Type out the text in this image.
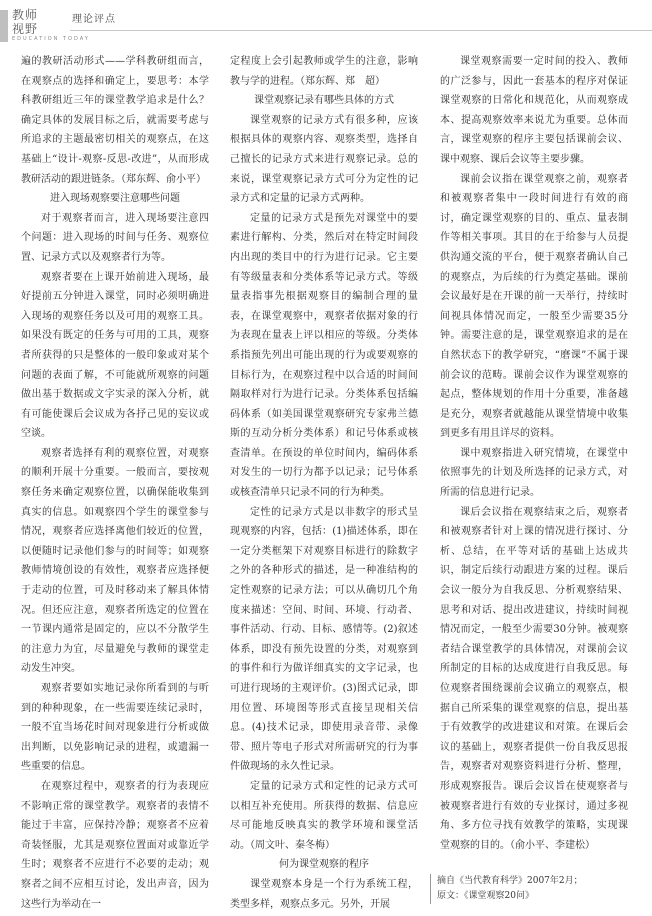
教师
视野
理论评点
EDUCATION TODAY

遍的教研活动形式——学科教研组而言，在观察点的选择和确定上，要思考：本学科教研组近三年的课堂教学追求是什么？确定具体的发展目标之后，就需要考虑与所追求的主题最密切相关的观察点，在这基础上“设计-观察-反思-改进”，从而形成教研活动的跟进链条。（郑东辉、俞小平）

进入现场观察要注意哪些问题

对于观察者而言，进入现场要注意四个问题：进入现场的时间与任务、观察位置、记录方式以及观察者行为等。

观察者要在上课开始前进入现场，最好提前五分钟进入课堂，同时必须明确进入现场的观察任务以及可用的观察工具。如果没有既定的任务与可用的工具，观察者所获得的只是整体的一般印象或对某个问题的表面了解，不可能就所观察的问题做出基于数据或文字实录的深入分析，就有可能使课后会议成为各抒己见的妄议或空谈。

观察者选择有利的观察位置，对观察的顺利开展十分重要。一般而言，要按观察任务来确定观察位置，以确保能收集到真实的信息。如观察四个学生的课堂参与情况，观察者应选择离他们较近的位置，以便随时记录他们参与的时间等；如观察教师情境创设的有效性，观察者应选择便于走动的位置，可及时移动来了解具体情况。但还应注意，观察者所选定的位置在一节课内通常是固定的，应以不分散学生的注意力为宜，尽量避免与教师的课堂走动发生冲突。

观察者要如实地记录你所看到的与听到的种种现象，在一些需要连续记录时，一般不宜当场花时间对现象进行分析或做出判断，以免影响记录的进程，或遗漏一些重要的信息。

在观察过程中，观察者的行为表现应不影响正常的课堂教学。观察者的表情不能过于丰富，应保持冷静；观察者不应着奇装怪服，尤其是观察位置面对或靠近学生时；观察者不应进行不必要的走动；观察者之间不应相互讨论，发出声音，因为这些行为举动在一

定程度上会引起教师或学生的注意，影响教与学的进程。（郑东辉、郑　超）

课堂观察记录有哪些具体的方式

课堂观察的记录方式有很多种，应该根据具体的观察内容、观察类型，选择自己擅长的记录方式来进行观察记录。总的来说，课堂观察记录方式可分为定性的记录方式和定量的记录方式两种。

定量的记录方式是预先对课堂中的要素进行解构、分类，然后对在特定时间段内出现的类目中的行为进行记录。它主要有等级量表和分类体系等记录方式。等级量表指事先根据观察目的编制合理的量表，在课堂观察中，观察者依据对象的行为表现在量表上评以相应的等级。分类体系指预先列出可能出现的行为或要观察的目标行为，在观察过程中以合适的时间间隔取样对行为进行记录。分类体系包括编码体系（如美国课堂观察研究专家弗兰德斯的互动分析分类体系）和记号体系或核查清单。在预设的单位时间内，编码体系对发生的一切行为都予以记录；记号体系或核查清单只记录不同的行为种类。

定性的记录方式是以非数字的形式呈现观察的内容，包括：(1)描述体系，即在一定分类框架下对观察目标进行的除数字之外的各种形式的描述，是一种准结构的定性观察的记录方法；可以从确切几个角度来描述：空间、时间、环境、行动者、事件活动、行动、目标、感情等。(2)叙述体系，即没有预先设置的分类，对观察到的事件和行为做详细真实的文字记录，也可进行现场的主观评价。(3)图式记录，即用位置、环境图等形式直接呈现相关信息。(4)技术记录，即使用录音带、录像带、照片等电子形式对所需研究的行为事件做现场的永久性记录。

定量的记录方式和定性的记录方式可以相互补充使用。所获得的数据、信息应尽可能地反映真实的教学环境和课堂活动。（周文叶、秦冬梅）

何为课堂观察的程序

课堂观察本身是一个行为系统工程，类型多样，观察点多元。另外，开展

课堂观察需要一定时间的投入、教师的广泛参与，因此一套基本的程序对保证课堂观察的日常化和规范化，从而观察成本、提高观察效率来说尤为重要。总体而言，课堂观察的程序主要包括课前会议、课中观察、课后会议等主要步骤。

课前会议指在课堂观察之前，观察者和被观察者集中一段时间进行有效的商讨，确定课堂观察的目的、重点、量表制作等相关事项。其目的在于给参与人员提供沟通交流的平台，便于观察者确认自己的观察点，为后续的行为奠定基础。课前会议最好是在开课的前一天举行，持续时间视具体情况而定，一般至少需要35分钟。需要注意的是，课堂观察追求的是在自然状态下的教学研究，“磨课”不属于课前会议的范畴。课前会议作为课堂观察的起点，整体规划的作用十分重要，准备越是充分，观察者就越能从课堂情境中收集到更多有用且详尽的资料。

课中观察指进入研究情境，在课堂中依照事先的计划及所选择的记录方式，对所需的信息进行记录。

课后会议指在观察结束之后，观察者和被观察者针对上课的情况进行探讨、分析、总结，在平等对话的基础上达成共识，制定后续行动跟进方案的过程。课后会议一般分为自我反思、分析观察结果、思考和对话、提出改进建议，持续时间视情况而定，一般至少需要30分钟。被观察者结合课堂教学的具体情况，对课前会议所制定的目标的达成度进行自我反思。每位观察者围绕课前会议确立的观察点，根据自己所采集的课堂观察的信息，提出基于有效教学的改进建议和对策。在课后会议的基础上，观察者提供一份自我反思报告，观察者对观察资料进行分析、整理，形成观察报告。课后会议旨在使观察者与被观察者进行有效的专业探讨，通过多视角、多方位寻找有效教学的策略，实现课堂观察的目的。（俞小平、李建松）

摘自《当代教育科学》2007年2月；
原文：《课堂观察20问》
